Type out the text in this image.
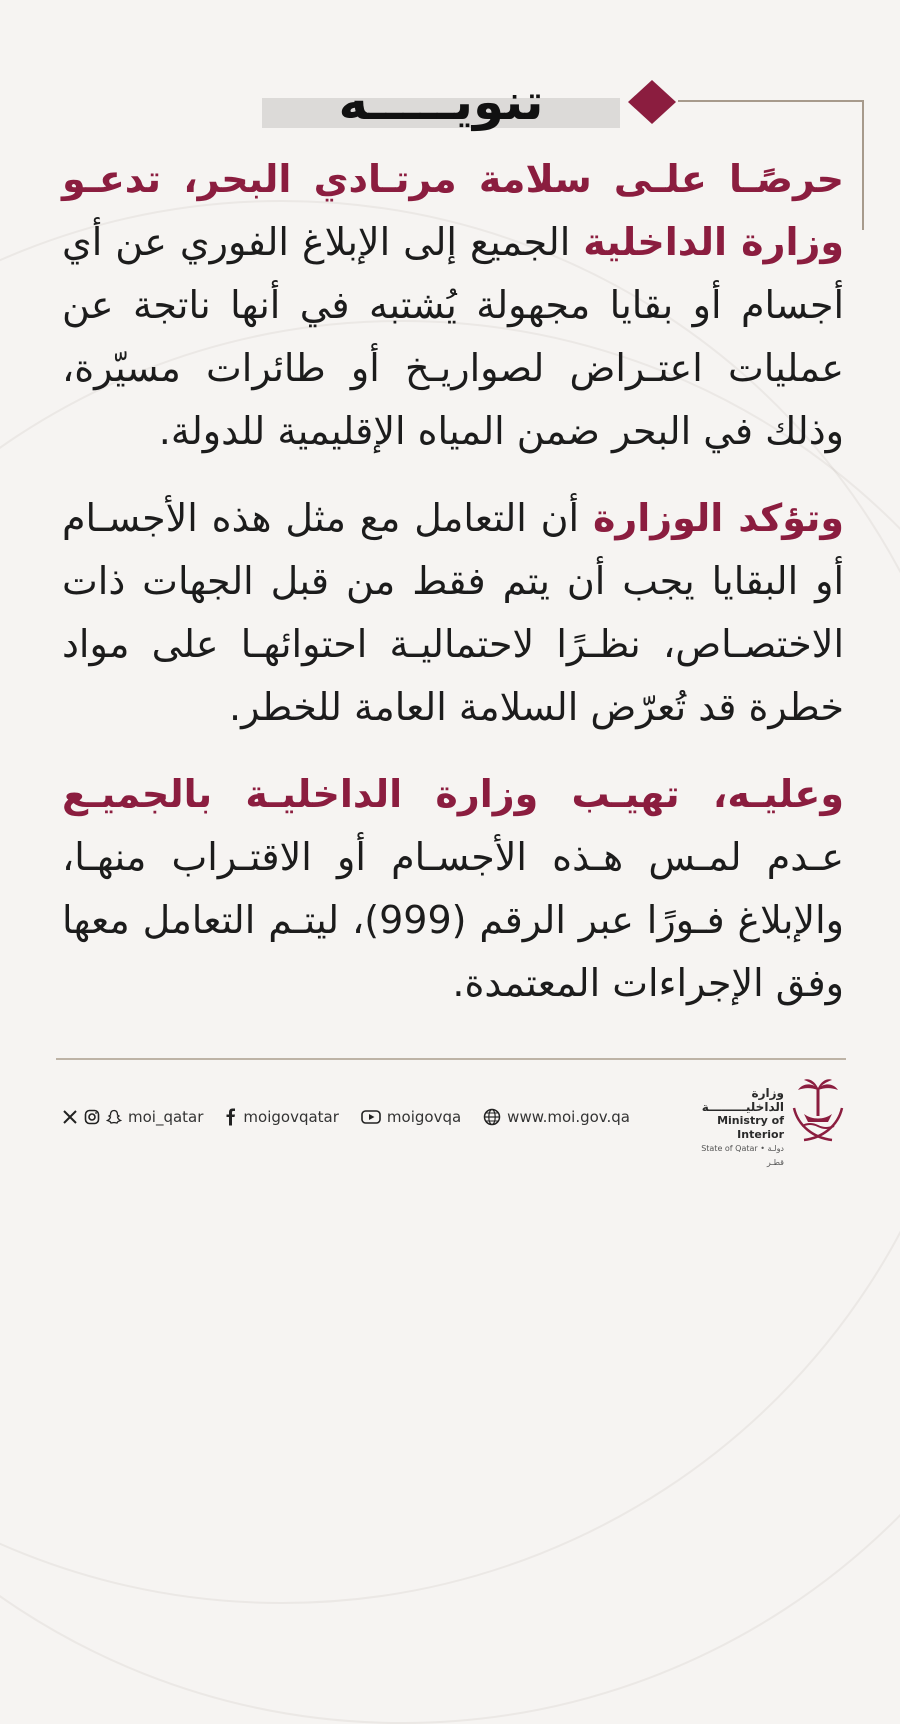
تنويـــــه

حرصًـا علـى سلامة مرتـادي البحر، تدعـو وزارة الداخلية الجميع إلى الإبلاغ الفوري عن أي أجسام أو بقايا مجهولة يُشتبه في أنها ناتجة عن عمليات اعتـراض لصواريـخ أو طائرات مسيّرة، وذلك في البحر ضمن المياه الإقليمية للدولة.

وتؤكد الوزارة أن التعامل مع مثل هذه الأجسـام أو البقايا يجب أن يتم فقط من قبل الجهات ذات الاختصـاص، نظـرًا لاحتماليـة احتوائهـا على مواد خطرة قد تُعرّض السلامة العامة للخطر.

وعليـه، تهيـب وزارة الداخليـة بالجميـع عـدم لمـس هـذه الأجسـام أو الاقتـراب منهـا، والإبلاغ فـورًا عبر الرقم (999)، ليتـم التعامل معها وفق الإجراءات المعتمدة.

moi_qatar	moigovqatar	moigovqa	www.moi.gov.qa
وزارة الداخليـــــــــة
Ministry of Interior
State of Qatar • دولـة قطـر
